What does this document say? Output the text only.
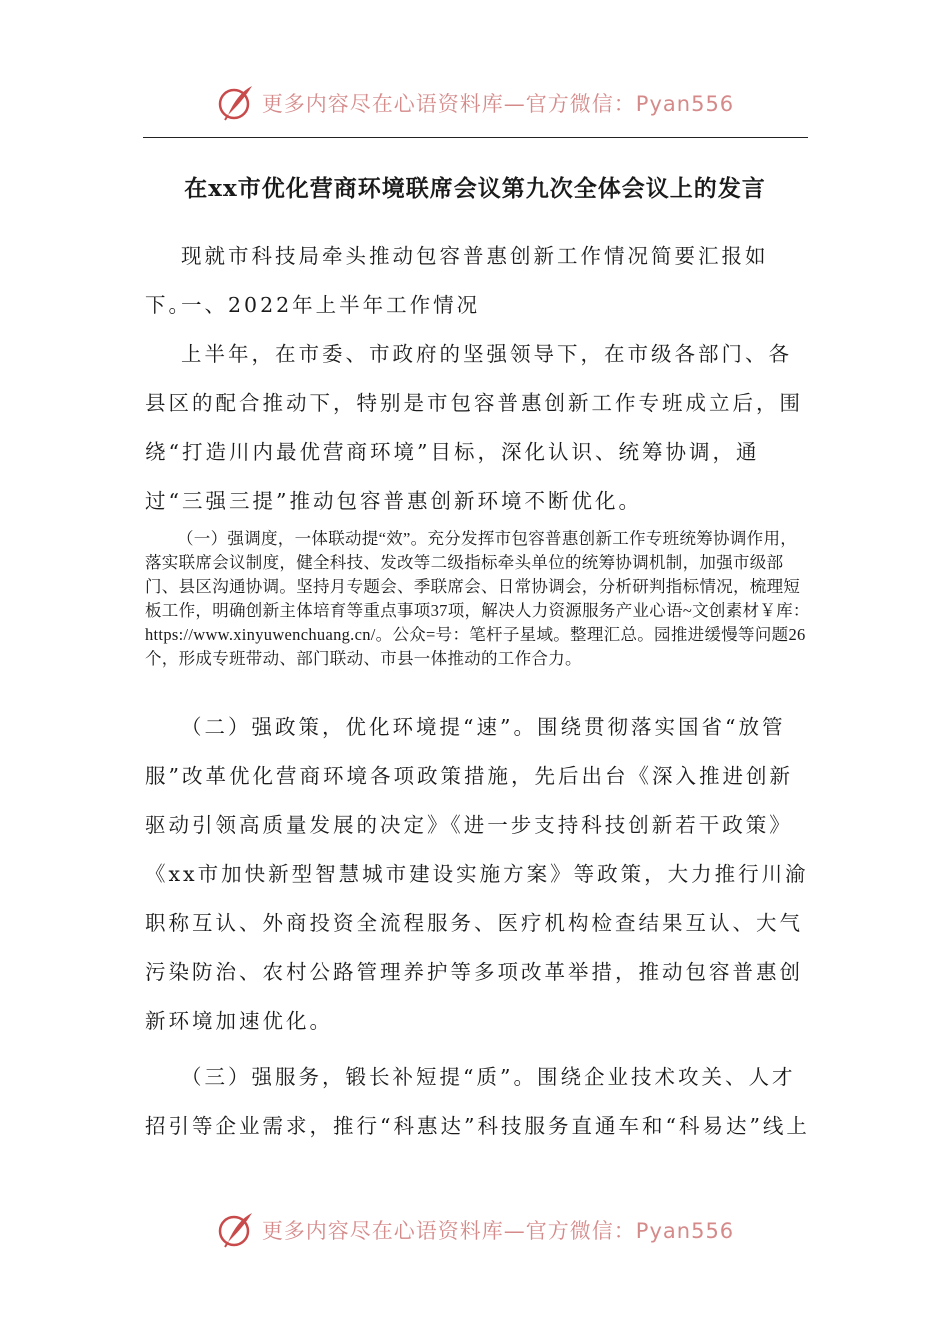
更多内容尽在心语资料库—官方微信：Pyan556
在xx市优化营商环境联席会议第九次全体会议上的发言

现就市科技局牵头推动包容普惠创新工作情况简要汇报如下。

一、2022年上半年工作情况

上半年，在市委、市政府的坚强领导下，在市级各部门、各县区的配合推动下，特别是市包容普惠创新工作专班成立后，围绕“打造川内最优营商环境”目标，深化认识、统筹协调，通过“三强三提”推动包容普惠创新环境不断优化。

（一）强调度，一体联动提“效”。充分发挥市包容普惠创新工作专班统筹协调作用，落实联席会议制度，健全科技、发改等二级指标牵头单位的统筹协调机制，加强市级部门、县区沟通协调。坚持月专题会、季联席会、日常协调会，分析研判指标情况，梳理短板工作，明确创新主体培育等重点事项37项，解决人力资源服务产业心语~文创素材￥库：https://www.xinyuwenchuang.cn/。公众=号：笔杆子星域。整理汇总。园推进缓慢等问题26个，形成专班带动、部门联动、市县一体推动的工作合力。

（二）强政策，优化环境提“速”。围绕贯彻落实国省“放管服”改革优化营商环境各项政策措施，先后出台《深入推进创新驱动引领高质量发展的决定》《进一步支持科技创新若干政策》《xx市加快新型智慧城市建设实施方案》等政策，大力推行川渝职称互认、外商投资全流程服务、医疗机构检查结果互认、大气污染防治、农村公路管理养护等多项改革举措，推动包容普惠创新环境加速优化。

（三）强服务，锻长补短提“质”。围绕企业技术攻关、人才招引等企业需求，推行“科惠达”科技服务直通车和“科易达”线上

更多内容尽在心语资料库—官方微信：Pyan556
